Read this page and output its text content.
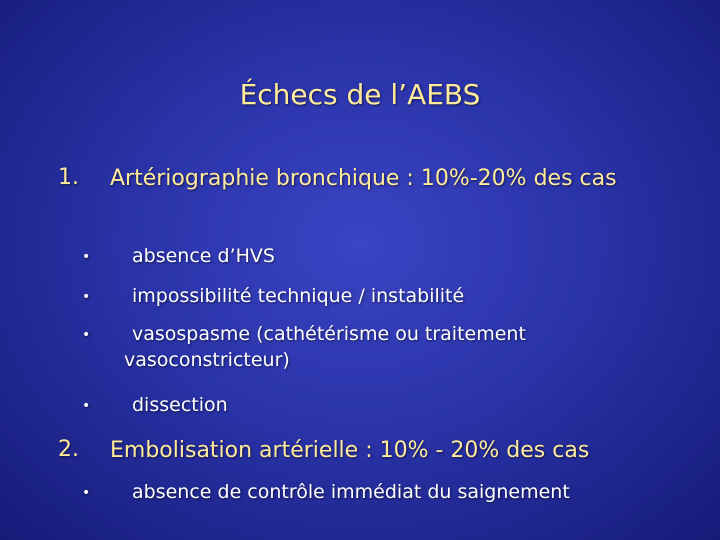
Échecs de l’AEBS
1. Artériographie bronchique : 10%-20% des cas
• absence d’HVS
• impossibilité technique / instabilité
•	vasospasme (cathétérisme ou traitement vasoconstricteur)
• dissection
2. Embolisation artérielle : 10% - 20% des cas
• absence de contrôle immédiat du saignement
